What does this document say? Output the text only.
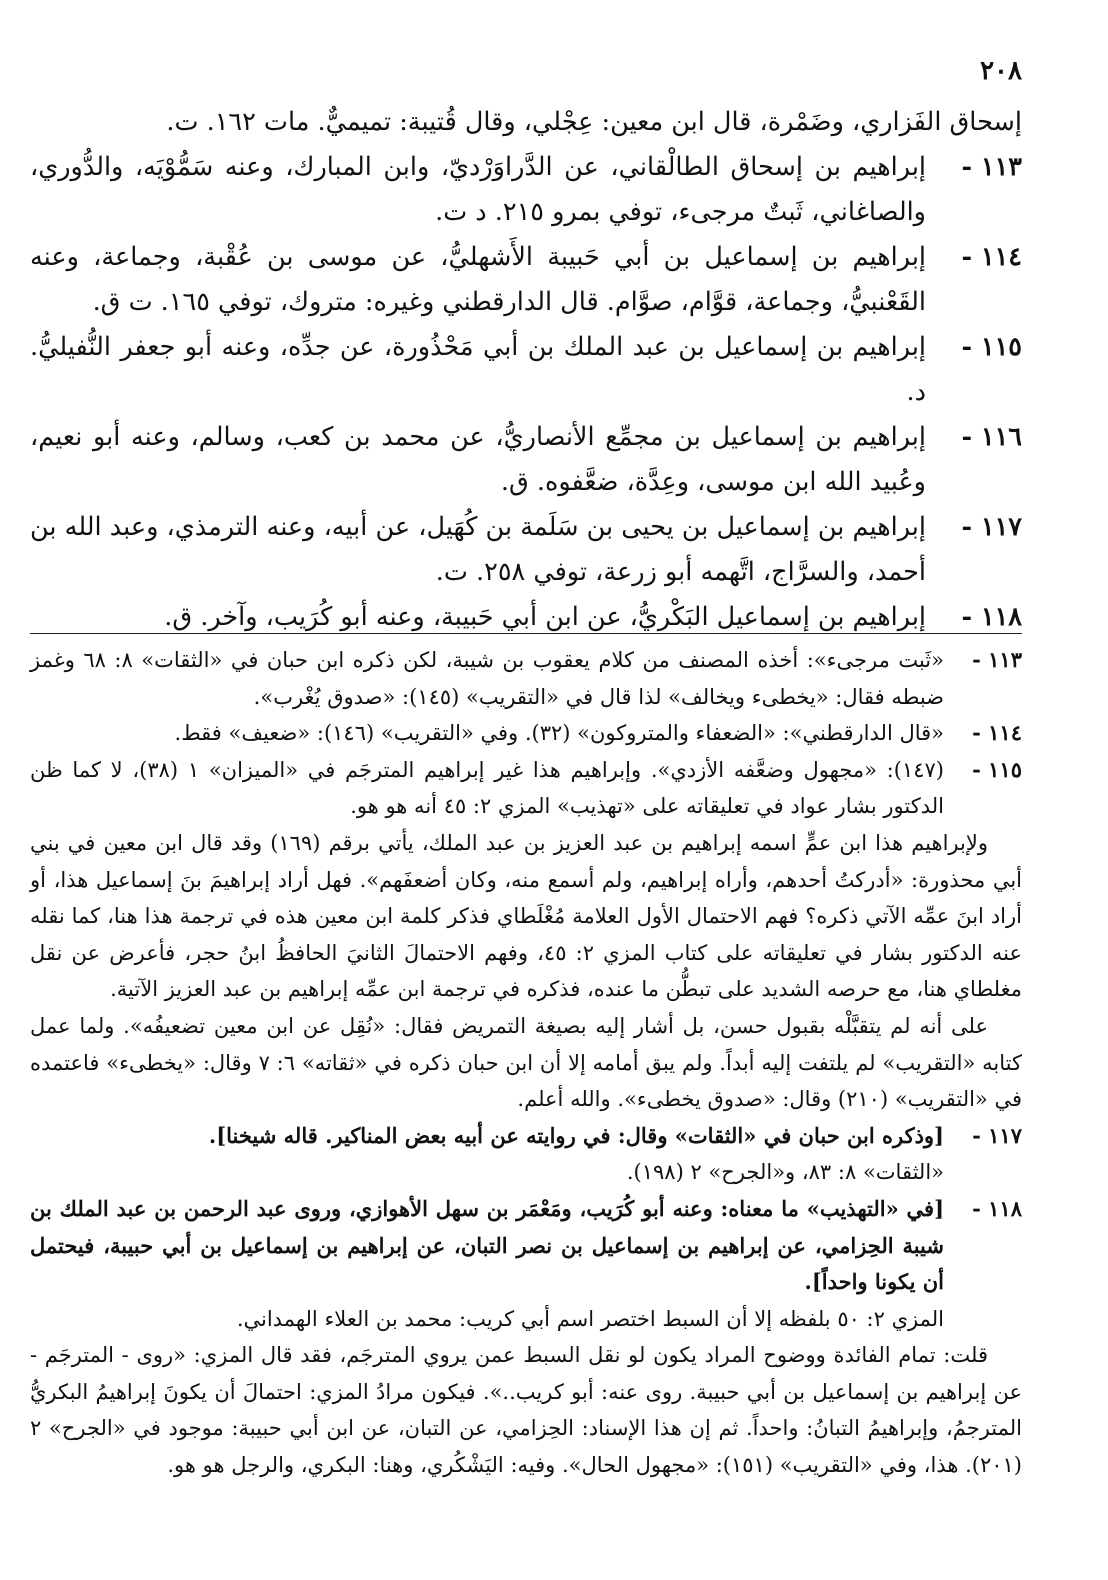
٢٠٨

إسحاق الفَزاري، وضَمْرة، قال ابن معين: عِجْلي، وقال قُتيبة: تميميٌّ. مات ١٦٢. ت.

١١٣ -إبراهيم بن إسحاق الطالْقاني، عن الدَّراوَرْديّ، وابن المبارك، وعنه سَمُّوْيَه، والدُّوري، والصاغاني، ثَبتٌ مرجىء، توفي بمرو ٢١٥. د ت.

١١٤ -إبراهيم بن إسماعيل بن أبي حَبيبة الأَشهليُّ، عن موسى بن عُقْبة، وجماعة، وعنه القَعْنبيُّ، وجماعة، قوَّام، صوَّام. قال الدارقطني وغيره: متروك، توفي ١٦٥. ت ق.

١١٥ -إبراهيم بن إسماعيل بن عبد الملك بن أبي مَحْذُورة، عن جدِّه، وعنه أبو جعفر النُّفيليُّ. د.

١١٦ -إبراهيم بن إسماعيل بن مجمِّع الأنصاريُّ، عن محمد بن كعب، وسالم، وعنه أبو نعيم، وعُبيد الله ابن موسى، وعِدَّة، ضعَّفوه. ق.

١١٧ -إبراهيم بن إسماعيل بن يحيى بن سَلَمة بن كُهَيل، عن أبيه، وعنه الترمذي، وعبد الله بن أحمد، والسرَّاج، اتَّهمه أبو زرعة، توفي ٢٥٨. ت.

١١٨ -إبراهيم بن إسماعيل البَكْريُّ، عن ابن أبي حَبيبة، وعنه أبو كُرَيب، وآخر. ق.

١١٣ -«ثَبت مرجىء»: أخذه المصنف من كلام يعقوب بن شيبة، لكن ذكره ابن حبان في «الثقات» ٨: ٦٨ وغمز ضبطه فقال: «يخطىء ويخالف» لذا قال في «التقريب» (١٤٥): «صدوق يُغْرب».

١١٤ -«قال الدارقطني»: «الضعفاء والمتروكون» (٣٢). وفي «التقريب» (١٤٦): «ضعيف» فقط.

١١٥ -(١٤٧): «مجهول وضعَّفه الأزدي». وإبراهيم هذا غير إبراهيم المترجَم في «الميزان» ١ (٣٨)، لا كما ظن الدكتور بشار عواد في تعليقاته على «تهذيب» المزي ٢: ٤٥ أنه هو هو.

ولإبراهيم هذا ابن عمٍّ اسمه إبراهيم بن عبد العزيز بن عبد الملك، يأتي برقم (١٦٩) وقد قال ابن معين في بني أبي محذورة: «أدركتُ أحدهم، وأراه إبراهيم، ولم أسمع منه، وكان أضعفَهم». فهل أراد إبراهيمَ بنَ إسماعيل هذا، أو أراد ابنَ عمِّه الآتي ذكره؟ فهم الاحتمال الأول العلامة مُغْلَطاي فذكر كلمة ابن معين هذه في ترجمة هذا هنا، كما نقله عنه الدكتور بشار في تعليقاته على كتاب المزي ٢: ٤٥، وفهم الاحتمالَ الثانيَ الحافظُ ابنُ حجر، فأعرض عن نقل مغلطاي هنا، مع حرصه الشديد على تبطُّن ما عنده، فذكره في ترجمة ابن عمِّه إبراهيم بن عبد العزيز الآتية.

على أنه لم يتقبَّلْه بقبول حسن، بل أشار إليه بصيغة التمريض فقال: «نُقِل عن ابن معين تضعيفُه». ولما عمل كتابه «التقريب» لم يلتفت إليه أبداً. ولم يبق أمامه إلا أن ابن حبان ذكره في «ثقاته» ٦: ٧ وقال: «يخطىء» فاعتمده في «التقريب» (٢١٠) وقال: «صدوق يخطىء». والله أعلم.

١١٧ -[وذكره ابن حبان في «الثقات» وقال: في روايته عن أبيه بعض المناكير. قاله شيخنا].

«الثقات» ٨: ٨٣، و«الجرح» ٢ (١٩٨).

١١٨ -[في «التهذيب» ما معناه: وعنه أبو كُرَيب، ومَعْمَر بن سهل الأهوازي، وروى عبد الرحمن بن عبد الملك بن شيبة الحِزامي، عن إبراهيم بن إسماعيل بن نصر التبان، عن إبراهيم بن إسماعيل بن أبي حبيبة، فيحتمل أن يكونا واحداً].

المزي ٢: ٥٠ بلفظه إلا أن السبط اختصر اسم أبي كريب: محمد بن العلاء الهمداني.

قلت: تمام الفائدة ووضوح المراد يكون لو نقل السبط عمن يروي المترجَم، فقد قال المزي: «روى - المترجَم - عن إبراهيم بن إسماعيل بن أبي حبيبة. روى عنه: أبو كريب..». فيكون مرادُ المزي: احتمالَ أن يكونَ إبراهيمُ البكريُّ المترجمُ، وإبراهيمُ التبانُ: واحداً. ثم إن هذا الإسناد: الحِزامي، عن التبان، عن ابن أبي حبيبة: موجود في «الجرح» ٢ (٢٠١). هذا، وفي «التقريب» (١٥١): «مجهول الحال». وفيه: اليَشْكُري، وهنا: البكري، والرجل هو هو.
